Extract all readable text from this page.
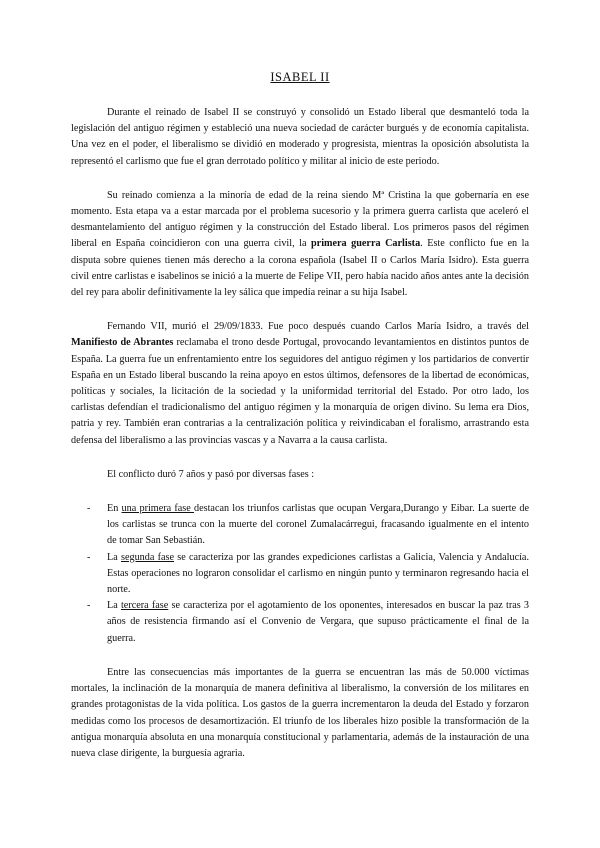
ISABEL II

Durante el reinado de Isabel II se construyó y consolidó un Estado liberal que desmanteló toda la legislación del antiguo régimen y estableció una nueva sociedad de carácter burgués y de economía capitalista. Una vez en el poder, el liberalismo se dividió en moderado y progresista, mientras la oposición absolutista la representó el carlismo que fue el gran derrotado político y militar al inicio de este periodo.

Su reinado comienza a la minoría de edad de la reina siendo Mª Cristina la que gobernaría en ese momento. Esta etapa va a estar marcada por el problema sucesorio y la primera guerra carlista que aceleró el desmantelamiento del antiguo régimen y la construcción del Estado liberal. Los primeros pasos del régimen liberal en España coincidieron con una guerra civil, la primera guerra Carlista. Este conflicto fue en la disputa sobre quienes tienen más derecho a la corona española (Isabel II o Carlos María Isidro). Esta guerra civil entre carlistas e isabelinos se inició a la muerte de Felipe VII, pero había nacido años antes ante la decisión del rey para abolir definitivamente la ley sálica que impedía reinar a su hija Isabel.

Fernando VII, murió el 29/09/1833. Fue poco después cuando Carlos María Isidro, a través del Manifiesto de Abrantes reclamaba el trono desde Portugal, provocando levantamientos en distintos puntos de España. La guerra fue un enfrentamiento entre los seguidores del antiguo régimen y los partidarios de convertir España en un Estado liberal buscando la reina apoyo en estos últimos, defensores de la libertad de económicas, políticas y sociales, la licitación de la sociedad y la uniformidad territorial del Estado. Por otro lado, los carlistas defendían el tradicionalismo del antiguo régimen y la monarquía de origen divino. Su lema era Dios, patria y rey. También eran contrarias a la centralización política y reivindicaban el foralismo, arrastrando esta defensa del liberalismo a las provincias vascas y a Navarra a la causa carlista.

El conflicto duró 7 años y pasó por diversas fases :

- En una primera fase destacan los triunfos carlistas que ocupan Vergara,Durango y Eibar. La suerte de los carlistas se trunca con la muerte del coronel Zumalacárregui, fracasando igualmente en el intento de tomar San Sebastián.
- La segunda fase se caracteriza por las grandes expediciones carlistas a Galicia, Valencia y Andalucía. Estas operaciones no lograron consolidar el carlismo en ningún punto y terminaron regresando hacia el norte.
- La tercera fase se caracteriza por el agotamiento de los oponentes, interesados en buscar la paz tras 3 años de resistencia firmando así el Convenio de Vergara, que supuso prácticamente el final de la guerra.

Entre las consecuencias más importantes de la guerra se encuentran las más de 50.000 víctimas mortales, la inclinación de la monarquía de manera definitiva al liberalismo, la conversión de los militares en grandes protagonistas de la vida política. Los gastos de la guerra incrementaron la deuda del Estado y forzaron medidas como los procesos de desamortización. El triunfo de los liberales hizo posible la transformación de la antigua monarquía absoluta en una monarquía constitucional y parlamentaria, además de la instauración de una nueva clase dirigente, la burguesía agraria.
